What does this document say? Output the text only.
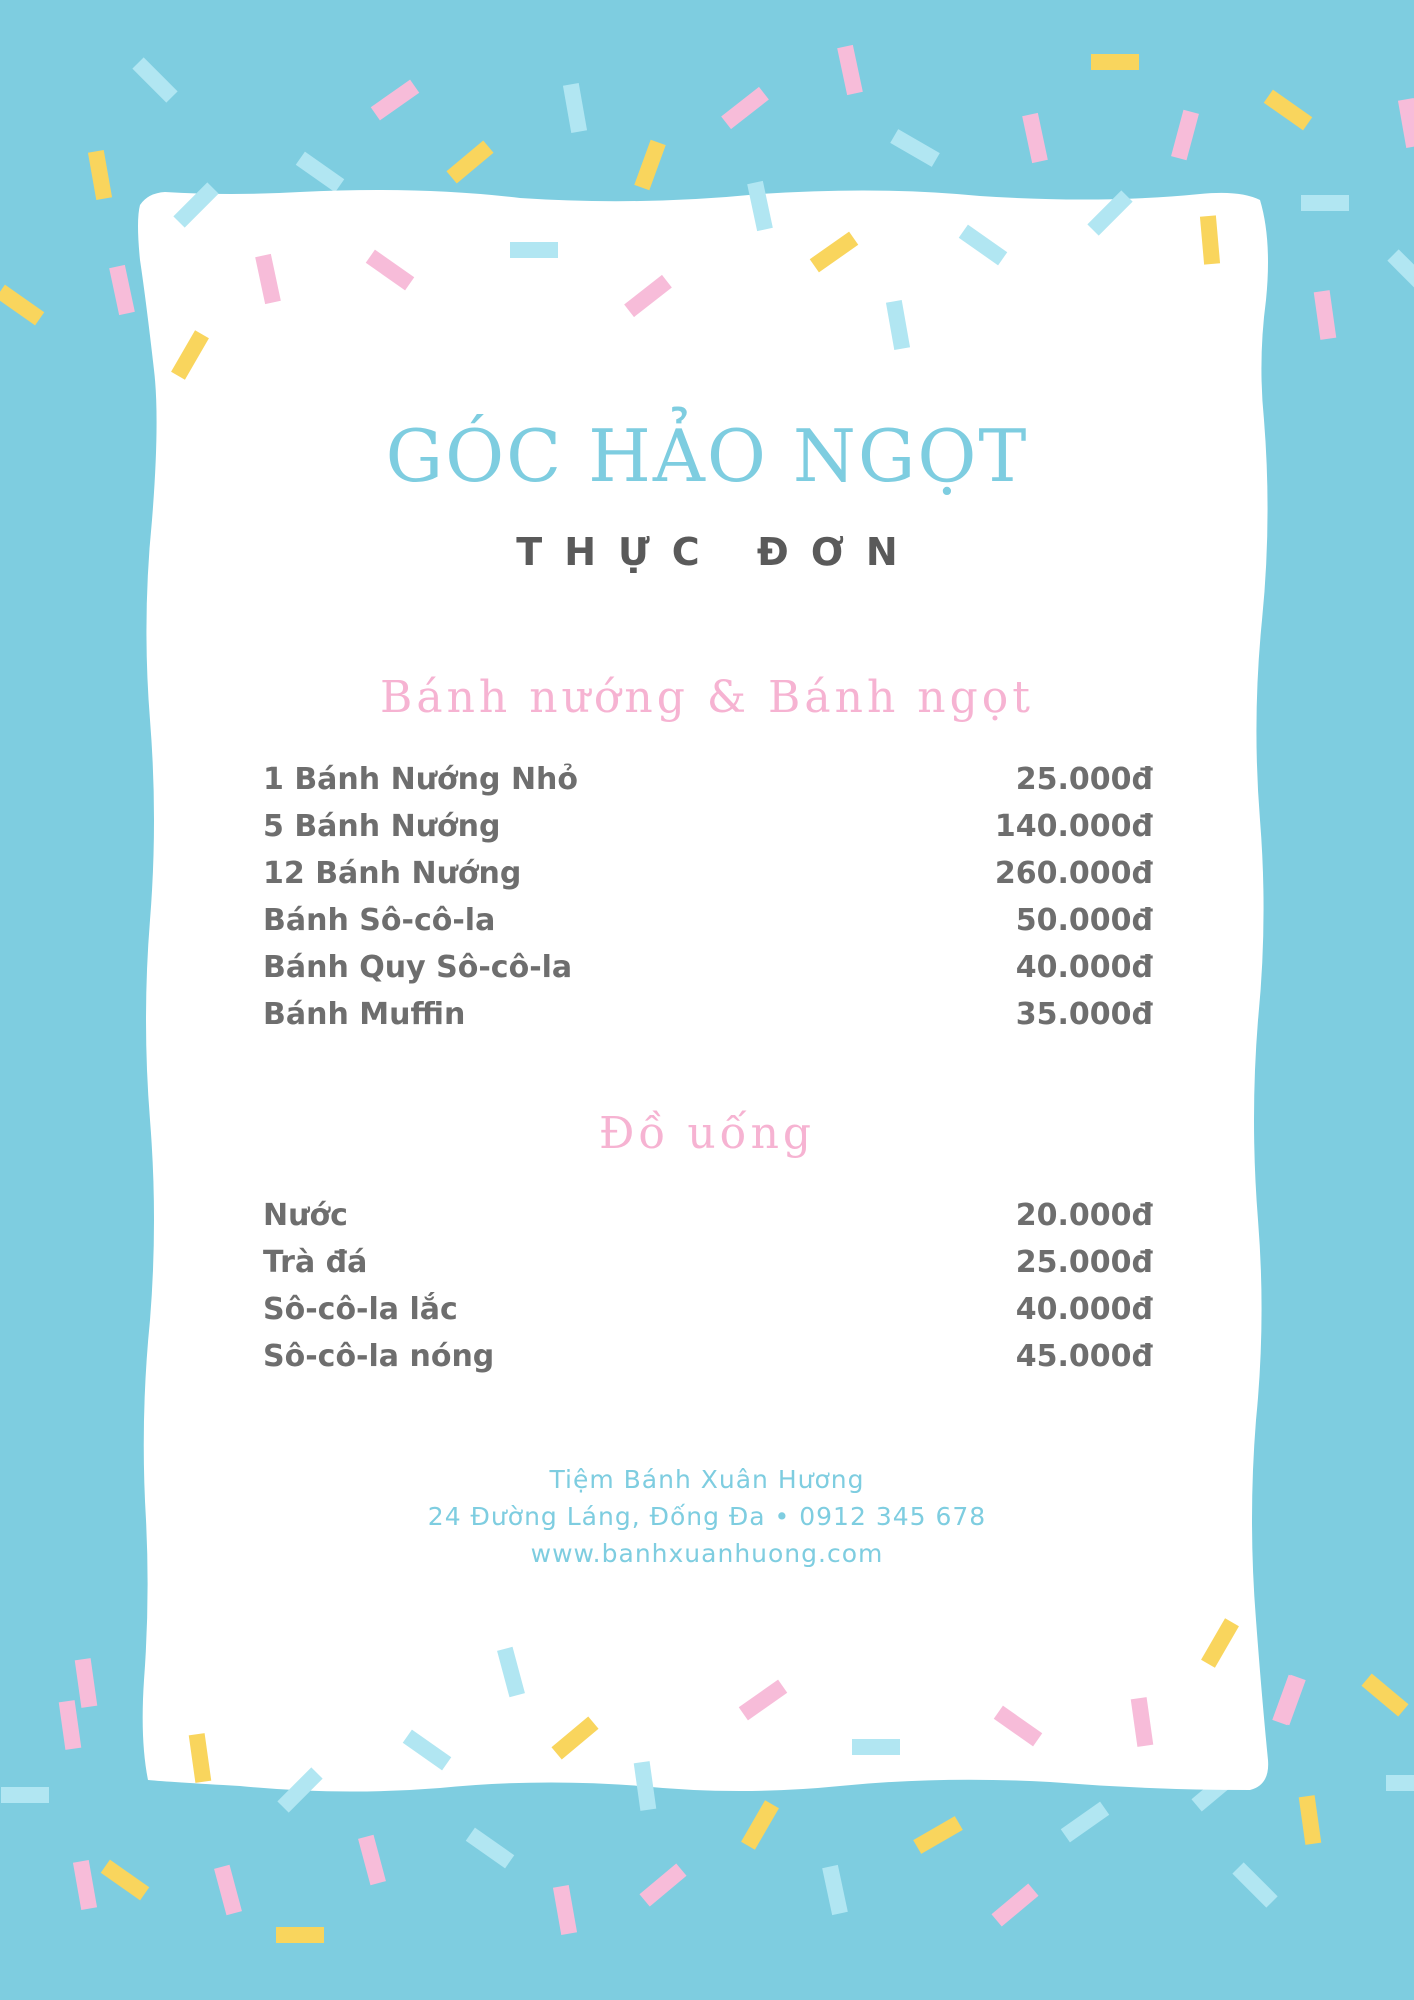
GÓC HẢO NGỌT
THỰC ĐƠN
Bánh nướng & Bánh ngọt
1 Bánh Nướng Nhỏ	25.000đ
5 Bánh Nướng	140.000đ
12 Bánh Nướng	260.000đ
Bánh Sô-cô-la	50.000đ
Bánh Quy Sô-cô-la	40.000đ
Bánh Muffin	35.000đ
Đồ uống
Nước	20.000đ
Trà đá	25.000đ
Sô-cô-la lắc	40.000đ
Sô-cô-la nóng	45.000đ
Tiệm Bánh Xuân Hương
24 Đường Láng, Đống Đa • 0912 345 678
www.banhxuanhuong.com
